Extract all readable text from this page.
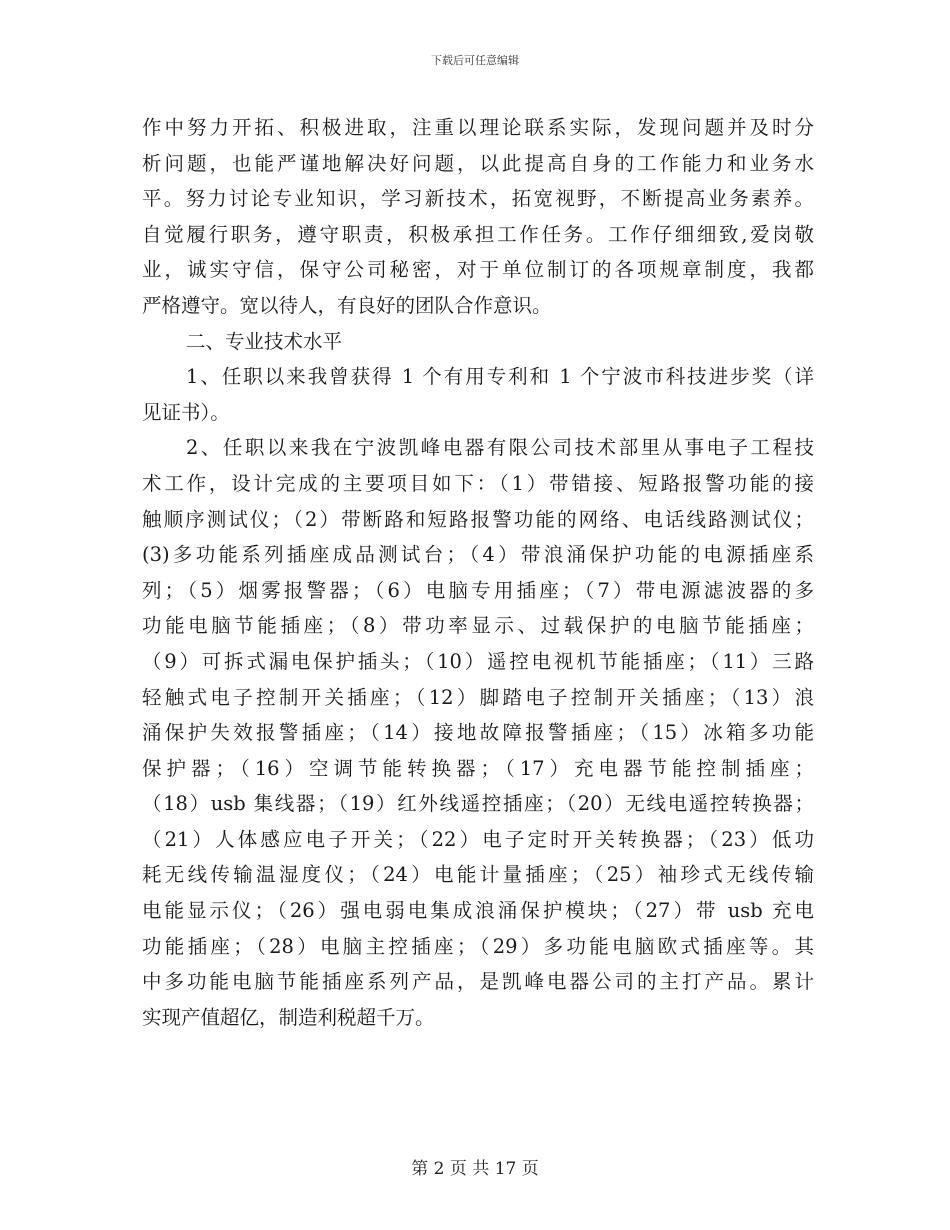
下载后可任意编辑
作中努力开拓、积极进取，注重以理论联系实际，发现问题并及时分
析问题，也能严谨地解决好问题，以此提高自身的工作能力和业务水
平。努力讨论专业知识，学习新技术，拓宽视野，不断提高业务素养。
自觉履行职务，遵守职责，积极承担工作任务。工作仔细细致,爱岗敬
业，诚实守信，保守公司秘密，对于单位制订的各项规章制度，我都
严格遵守。宽以待人，有良好的团队合作意识。
二、专业技术水平
1、任职以来我曾获得 1 个有用专利和 1 个宁波市科技进步奖（详
见证书）。
2、任职以来我在宁波凯峰电器有限公司技术部里从事电子工程技
术工作，设计完成的主要项目如下：（1）带错接、短路报警功能的接
触顺序测试仪；（2）带断路和短路报警功能的网络、电话线路测试仪；
(3)多功能系列插座成品测试台；（4）带浪涌保护功能的电源插座系
列；（5）烟雾报警器；（6）电脑专用插座；（7）带电源滤波器的多
功能电脑节能插座；（8）带功率显示、过载保护的电脑节能插座；
（9）可拆式漏电保护插头；（10）遥控电视机节能插座；（11）三路
轻触式电子控制开关插座；（12）脚踏电子控制开关插座；（13）浪
涌保护失效报警插座；（14）接地故障报警插座；（15）冰箱多功能
保护器；（16）空调节能转换器；（17）充电器节能控制插座；
（18）usb 集线器；（19）红外线遥控插座；（20）无线电遥控转换器；
（21）人体感应电子开关；（22）电子定时开关转换器；（23）低功
耗无线传输温湿度仪；（24）电能计量插座；（25）袖珍式无线传输
电能显示仪；（26）强电弱电集成浪涌保护模块；（27）带 usb 充电
功能插座；（28）电脑主控插座；（29）多功能电脑欧式插座等。其
中多功能电脑节能插座系列产品，是凯峰电器公司的主打产品。累计
实现产值超亿，制造利税超千万。
第 2 页 共 17 页
